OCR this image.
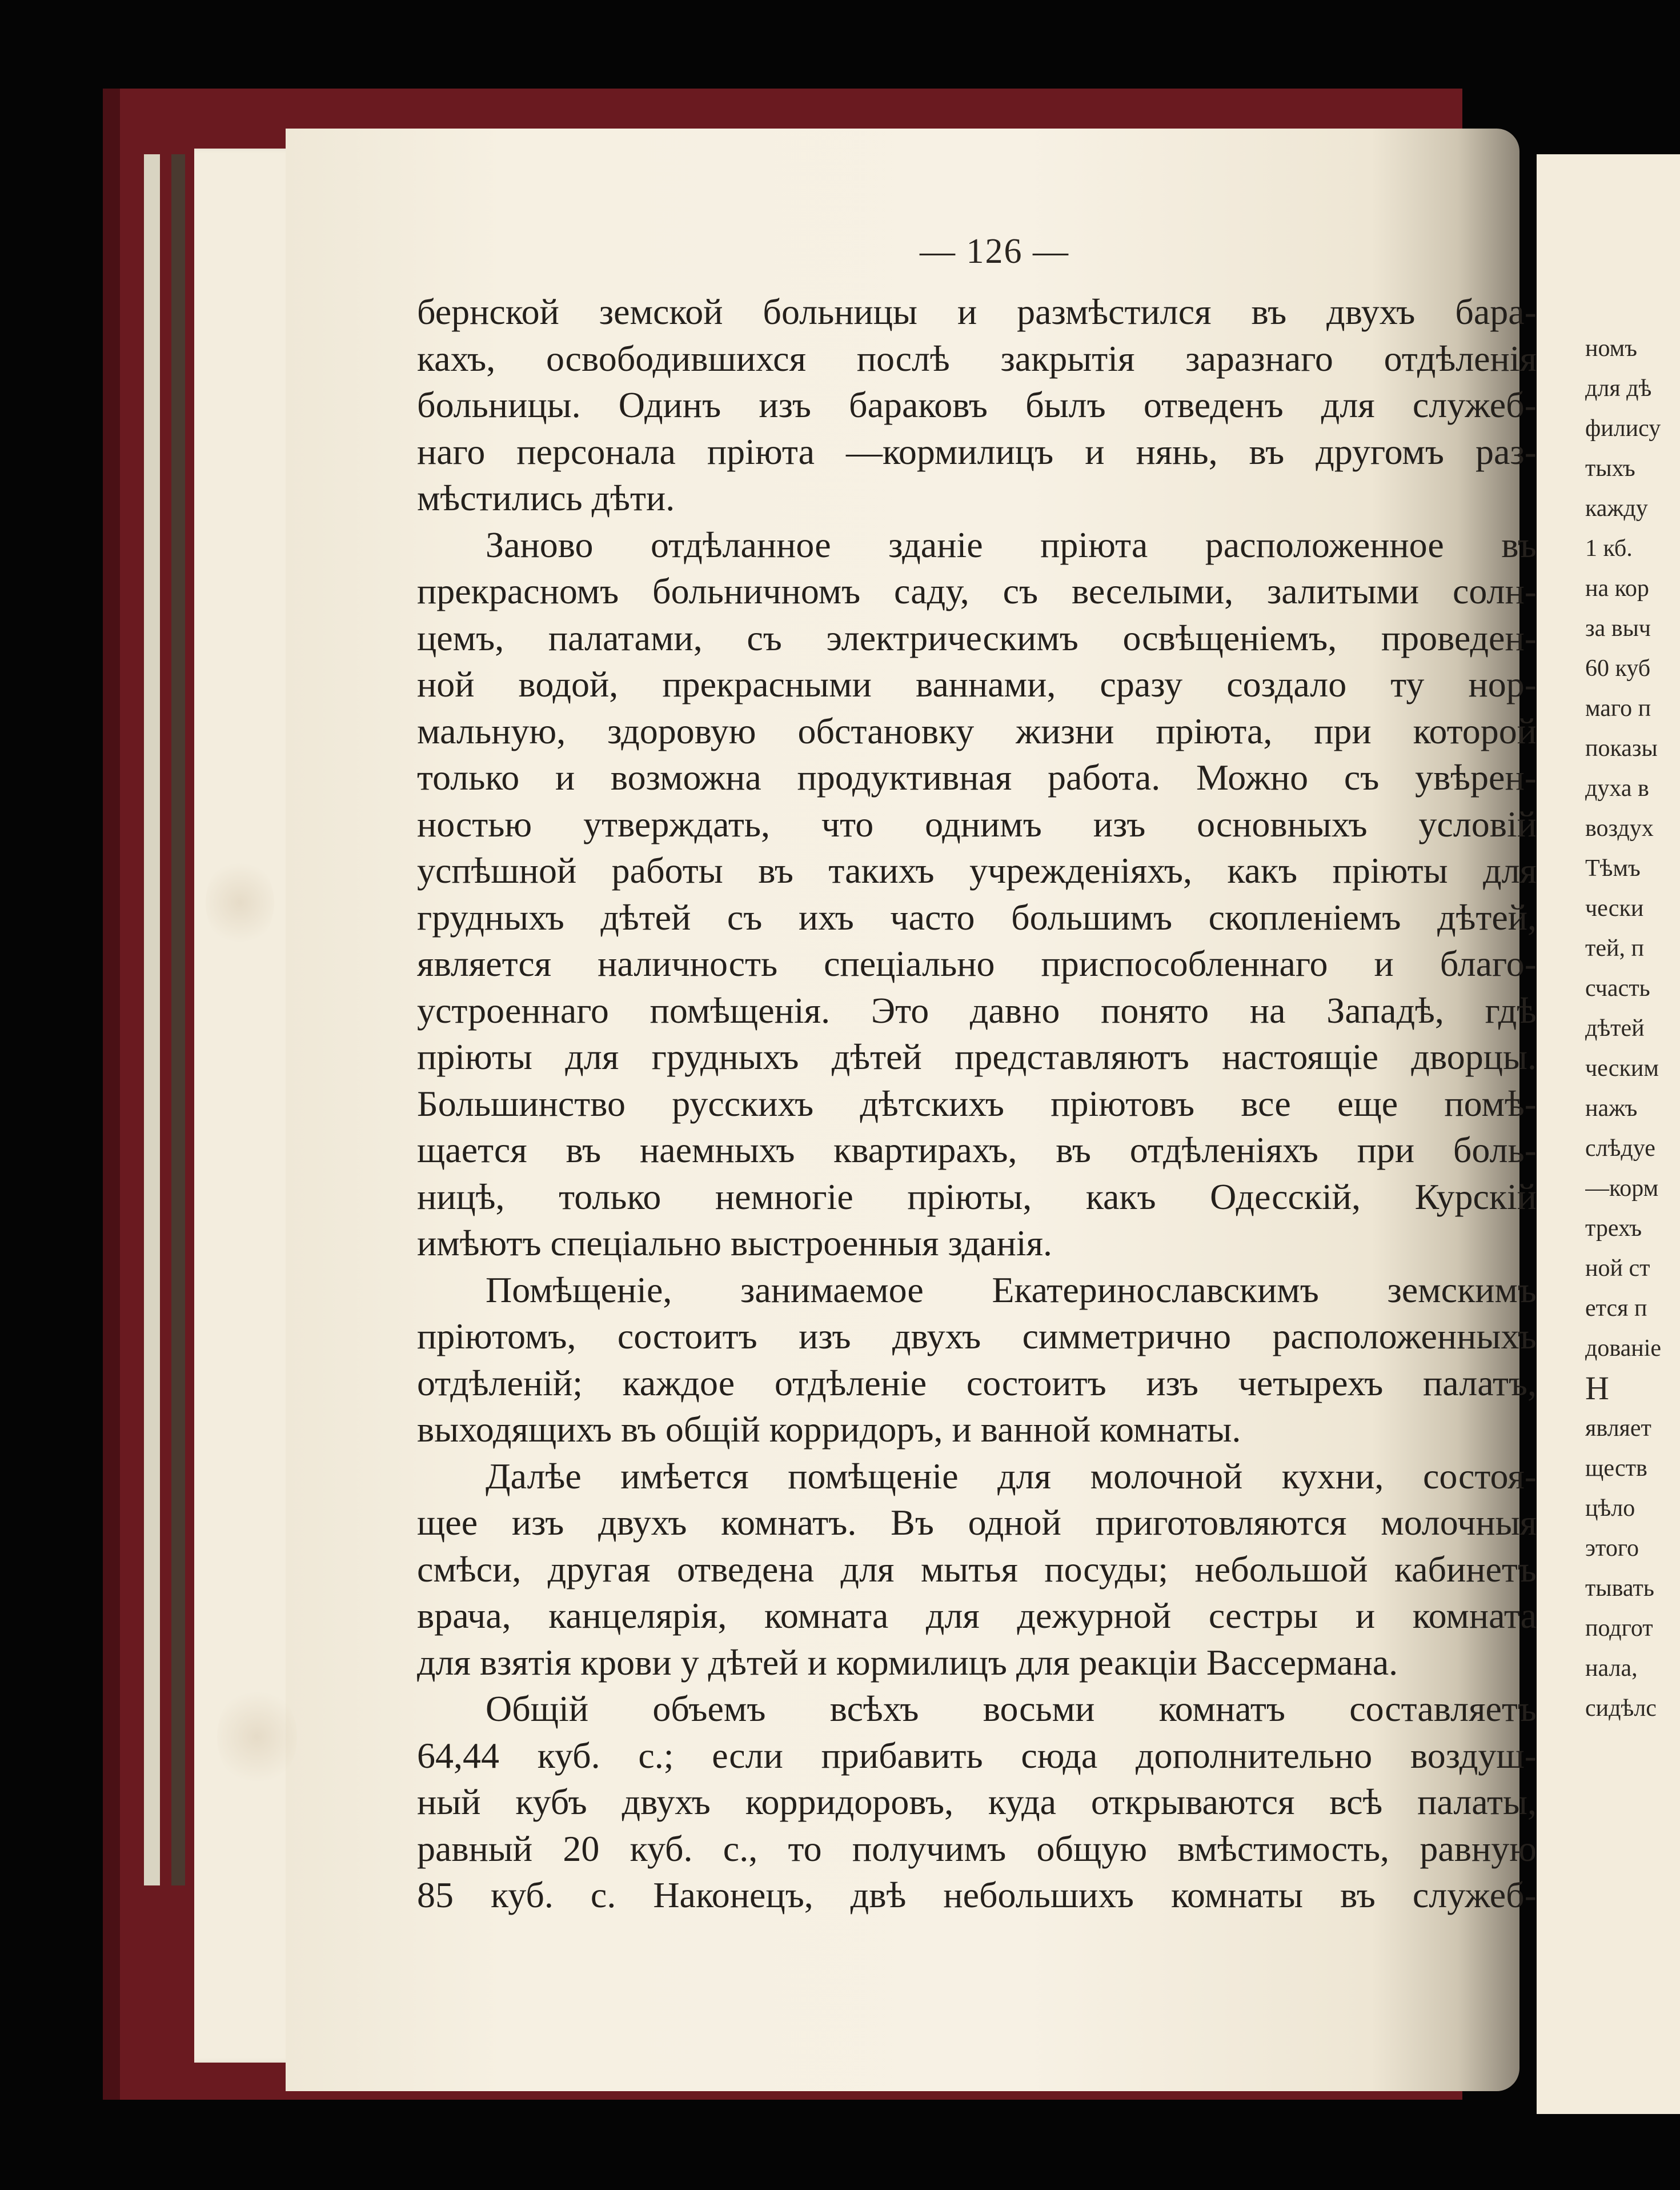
— 126 —
бернской земской больницы и размѣстился въ двухъ бара-
кахъ, освободившихся послѣ закрытія заразнаго отдѣленія
больницы. Одинъ изъ бараковъ былъ отведенъ для служеб-
наго персонала пріюта —кормилицъ и нянь, въ другомъ раз-
мѣстились дѣти.
Заново отдѣланное зданіе пріюта расположенное въ
прекрасномъ больничномъ саду, съ веселыми, залитыми солн-
цемъ, палатами, съ электрическимъ освѣщеніемъ, проведен-
ной водой, прекрасными ваннами, сразу создало ту нор-
мальную, здоровую обстановку жизни пріюта, при которой
только и возможна продуктивная работа. Можно съ увѣрен-
ностью утверждать, что однимъ изъ основныхъ условій
успѣшной работы въ такихъ учрежденіяхъ, какъ пріюты для
грудныхъ дѣтей съ ихъ часто большимъ скопленіемъ дѣтей,
является наличность спеціально приспособленнаго и благо-
устроеннаго помѣщенія. Это давно понято на Западѣ, гдѣ
пріюты для грудныхъ дѣтей представляютъ настоящіе дворцы.
Большинство русскихъ дѣтскихъ пріютовъ все еще помѣ-
щается въ наемныхъ квартирахъ, въ отдѣленіяхъ при боль-
ницѣ, только немногіе пріюты, какъ Одесскій, Курскій
имѣютъ спеціально выстроенныя зданія.
Помѣщеніе, занимаемое Екатеринославскимъ земскимъ
пріютомъ, состоитъ изъ двухъ симметрично расположенныхъ
отдѣленій; каждое отдѣленіе состоитъ изъ четырехъ палатъ,
выходящихъ въ общій корридоръ, и ванной комнаты.
Далѣе имѣется помѣщеніе для молочной кухни, состоя-
щее изъ двухъ комнатъ. Въ одной приготовляются молочныя
смѣси, другая отведена для мытья посуды; небольшой кабинетъ
врача, канцелярія, комната для дежурной сестры и комната
для взятія крови у дѣтей и кормилицъ для реакціи Вассермана.
Общій объемъ всѣхъ восьми комнатъ составляетъ
64,44 куб. с.; если прибавить сюда дополнительно воздуш-
ный кубъ двухъ корридоровъ, куда открываются всѣ палаты,
равный 20 куб. с., то получимъ общую вмѣстимость, равную
85 куб. с. Наконецъ, двѣ небольшихъ комнаты въ служеб-
номъ
для дѣ
филису
тыхъ
кажду
1 кб.
на кор
за выч
60 куб
маго п
показы
духа в
воздух
Тѣмъ
чески
тей, п
счасть
дѣтей
ческим
нажъ
слѣдуе
—корм
трехъ
ной ст
ется п
дованіе
Н
являет
ществ
цѣло
этого
тывать
подгот
нала,
сидѣлс
